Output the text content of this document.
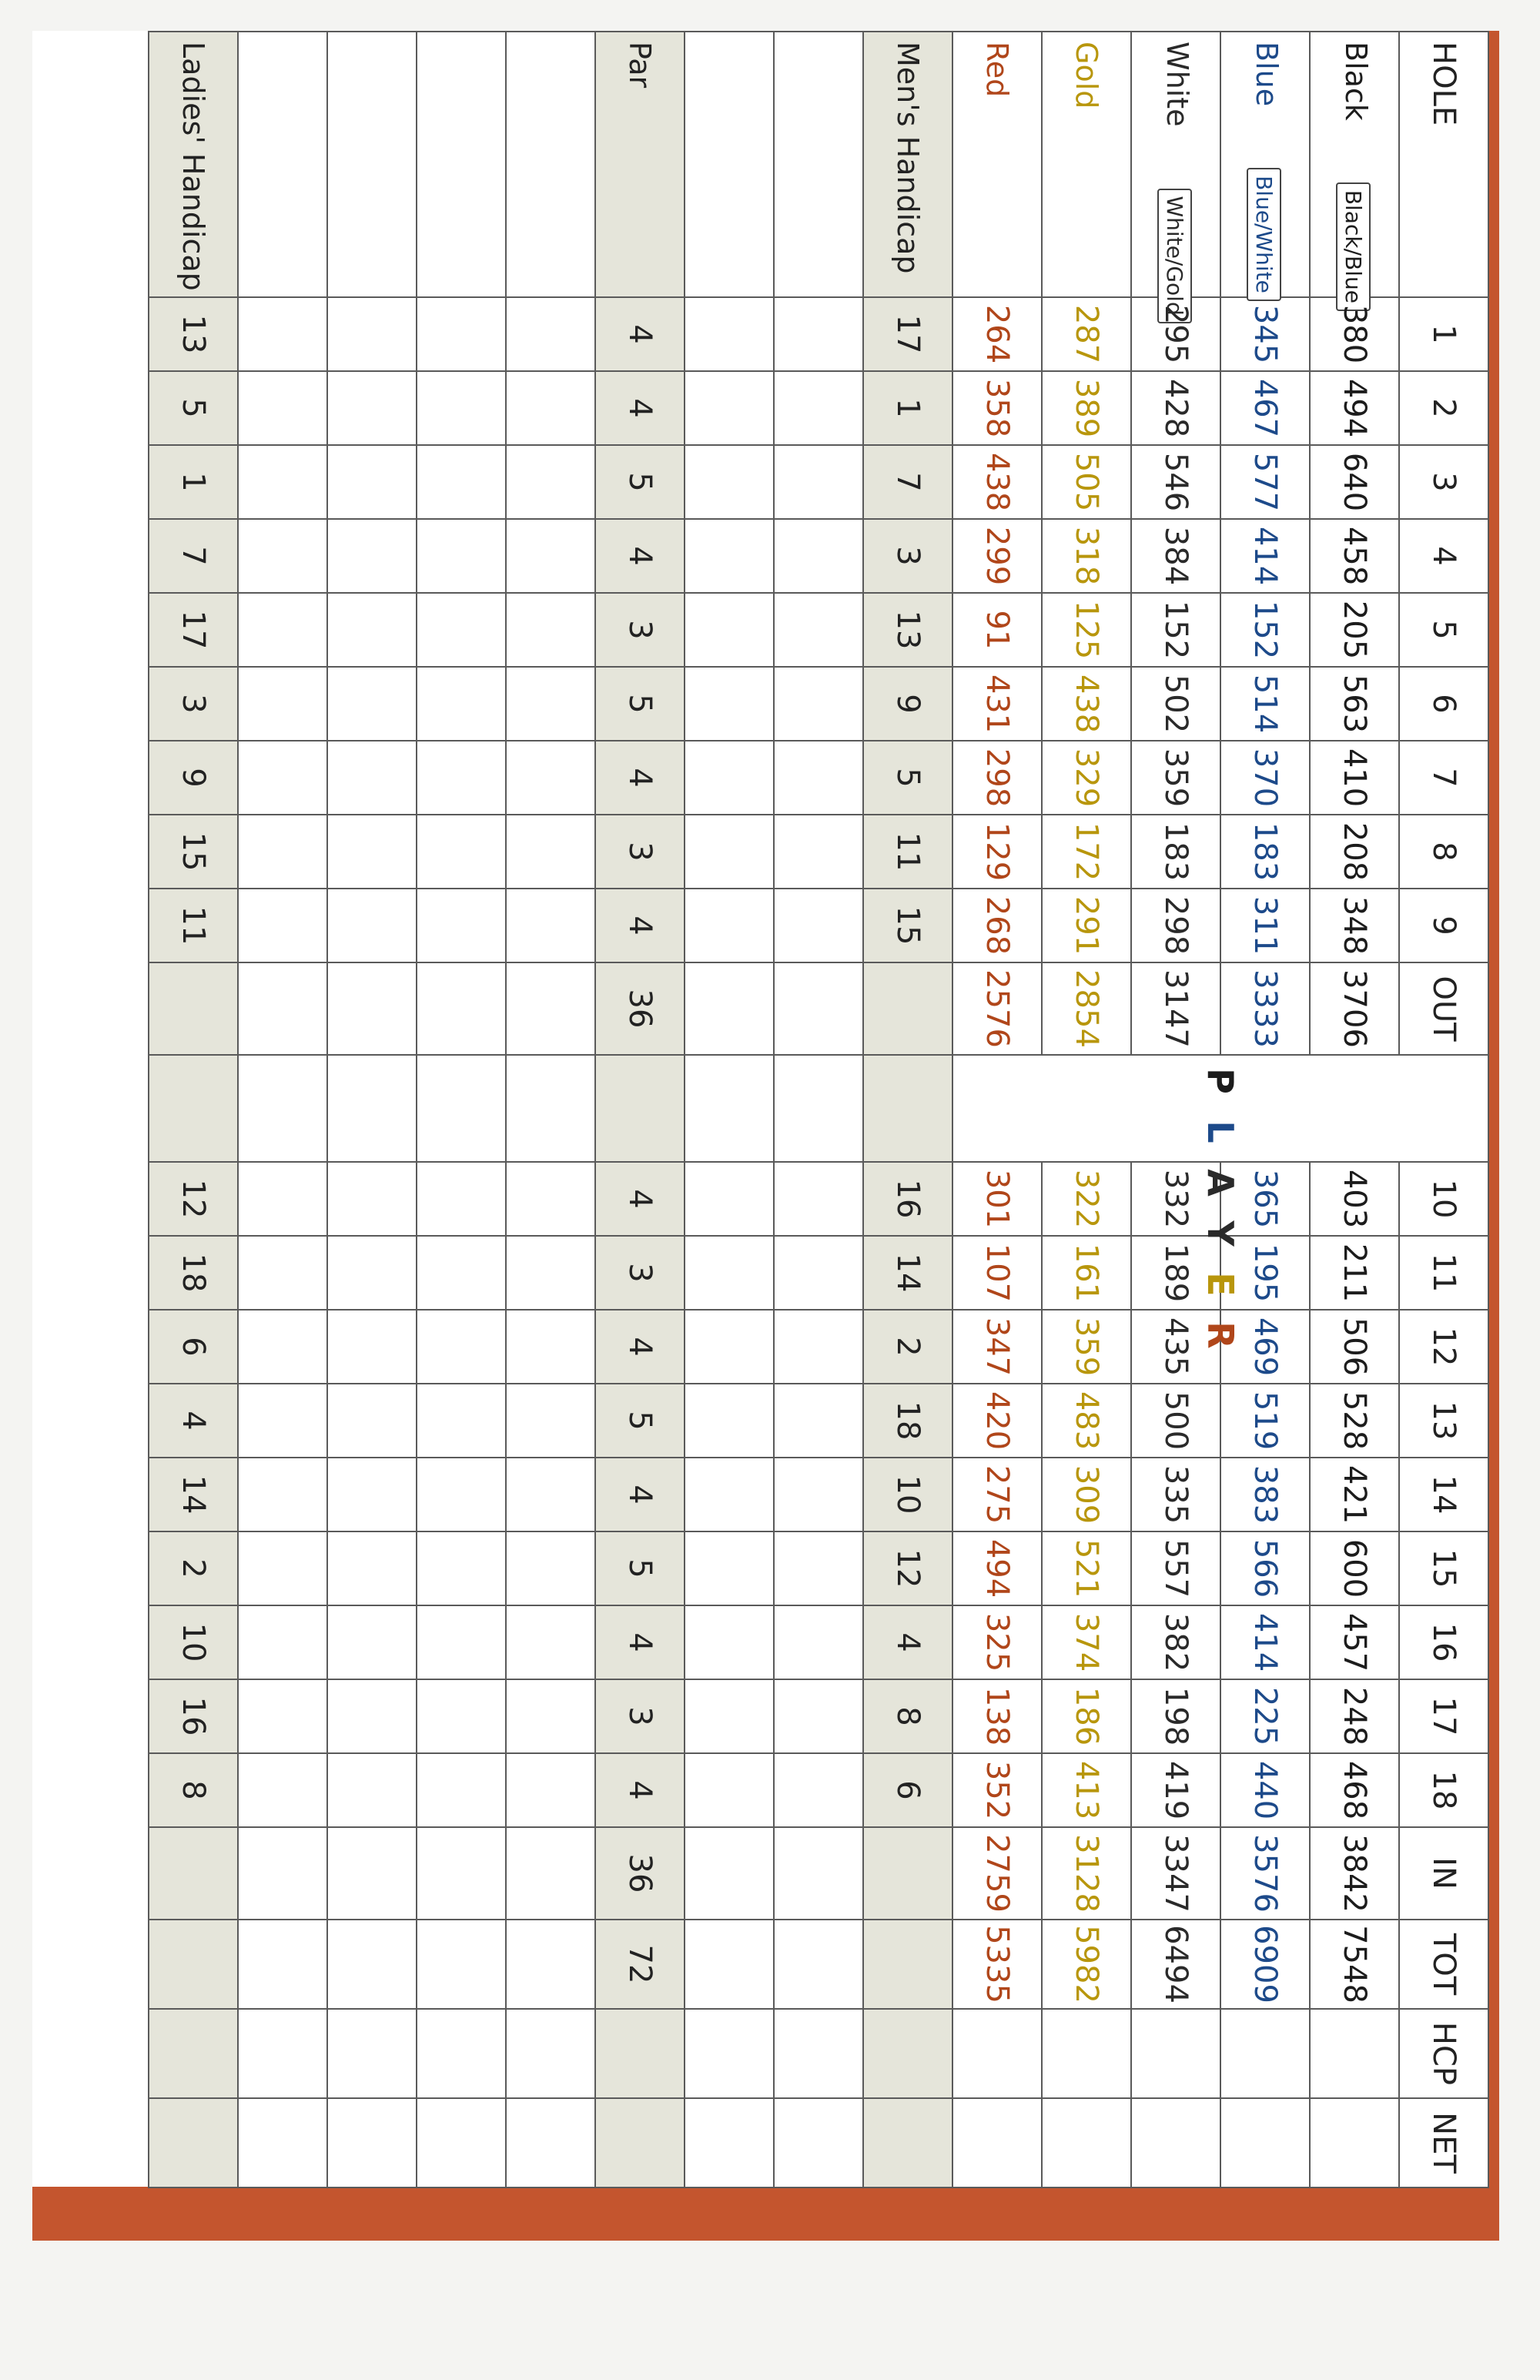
HOLE	1	2	3	4	5	6	7	8	9	OUT	PLAYER	10	11	12	13	14	15	16	17	18	IN	TOT	HCP	NET
BlackBlack/Blue	380	494	640	458	205	563	410	208	348	3706		403	211	506	528	421	600	457	248	468	3842	7548		
BlueBlue/White	345	467	577	414	152	514	370	183	311	3333		365	195	469	519	383	566	414	225	440	3576	6909		
WhiteWhite/Gold	295	428	546	384	152	502	359	183	298	3147		332	189	435	500	335	557	382	198	419	3347	6494		
Gold	287	389	505	318	125	438	329	172	291	2854		322	161	359	483	309	521	374	186	413	3128	5982		
Red	264	358	438	299	91	431	298	129	268	2576		301	107	347	420	275	494	325	138	352	2759	5335		
Men's Handicap	17	1	7	3	13	9	5	11	15			16	14	2	18	10	12	4	8	6				

Par	4	4	5	4	3	5	4	3	4	36		4	3	4	5	4	5	4	3	4	36	72		

Ladies' Handicap	13	5	1	7	17	3	9	15	11			12	18	6	4	14	2	10	16	8				
